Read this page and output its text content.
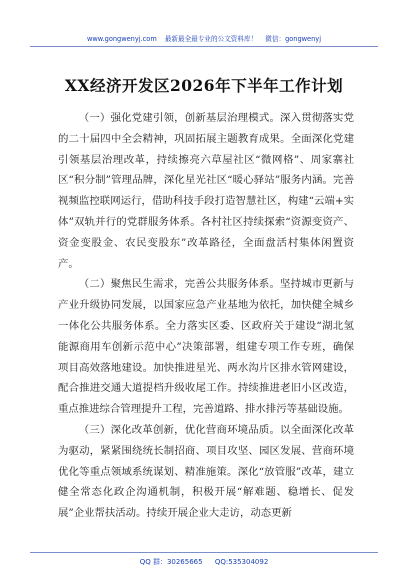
www.gongwenyj.com 最新最全最专业的公文资料库！ 微信：gongwenyj
XX经济开发区2026年下半年工作计划

（一）强化党建引领，创新基层治理模式。深入贯彻落实党的二十届四中全会精神，巩固拓展主题教育成果。全面深化党建引领基层治理改革，持续擦亮六草屋社区“微网格”、周家寨社区“积分制”管理品牌，深化星光社区“暖心驿站”服务内涵。完善视频监控联网运行，借助科技手段打造智慧社区，构建“云端+实体”双轨并行的党群服务体系。各村社区持续探索“资源变资产、资金变股金、农民变股东”改革路径，全面盘活村集体闲置资产。

（二）聚焦民生需求，完善公共服务体系。坚持城市更新与产业升级协同发展，以国家应急产业基地为依托，加快健全城乡一体化公共服务体系。全力落实区委、区政府关于建设“湖北氢能源商用车创新示范中心”决策部署，组建专项工作专班，确保项目高效落地建设。加快推进星光、两水沟片区排水管网建设，配合推进交通大道提档升级收尾工作。持续推进老旧小区改造，重点推进综合管理提升工程，完善道路、排水排污等基础设施。

（三）深化改革创新，优化营商环境品质。以全面深化改革为驱动，紧紧围绕统长制招商、项目攻坚、园区发展、营商环境优化等重点领域系统谋划、精准施策。深化“放管服”改革，建立健全常态化政企沟通机制，积极开展“解难题、稳增长、促发展”企业帮扶活动。持续开展企业大走访，动态更新

QQ 群：30265665 QQ:535304092
